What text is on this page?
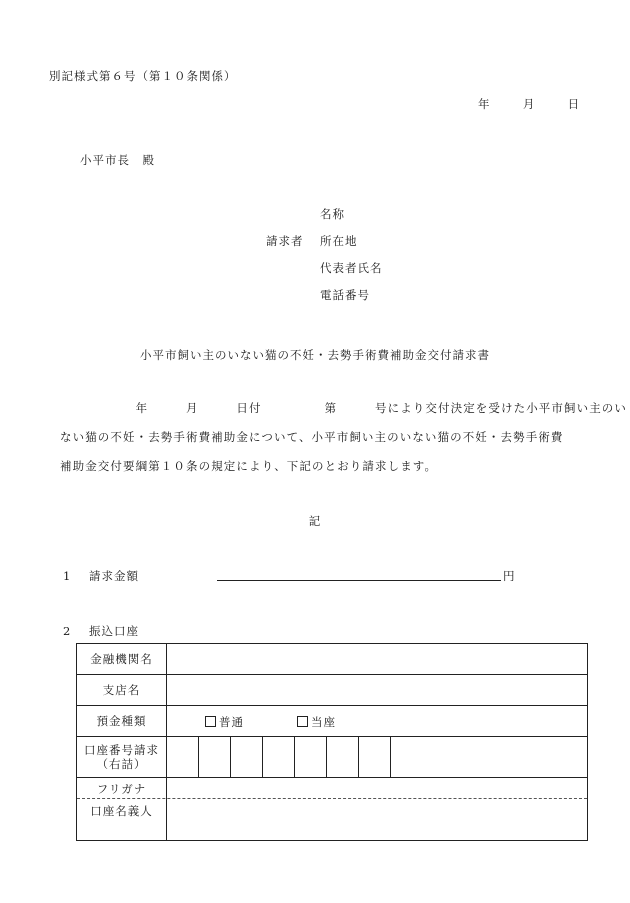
別記様式第６号（第１０条関係）
年	月	日
小平市長　殿
名称
請求者	所在地
代表者氏名
電話番号
小平市飼い主のいない猫の不妊・去勢手術費補助金交付請求書

　　　　　　年　　　月　　　日付　　　　　第　　　号により交付決定を受けた小平市飼い主のい

ない猫の不妊・去勢手術費補助金について、小平市飼い主のいない猫の不妊・去勢手術費

補助金交付要綱第１０条の規定により、下記のとおり請求します。

記
1 請求金額	円
2 振込口座
金融機関名	
支店名	
預金種類	普通 当座

口座番号請求
（右詰）	

フリガナ
口座名義人	
